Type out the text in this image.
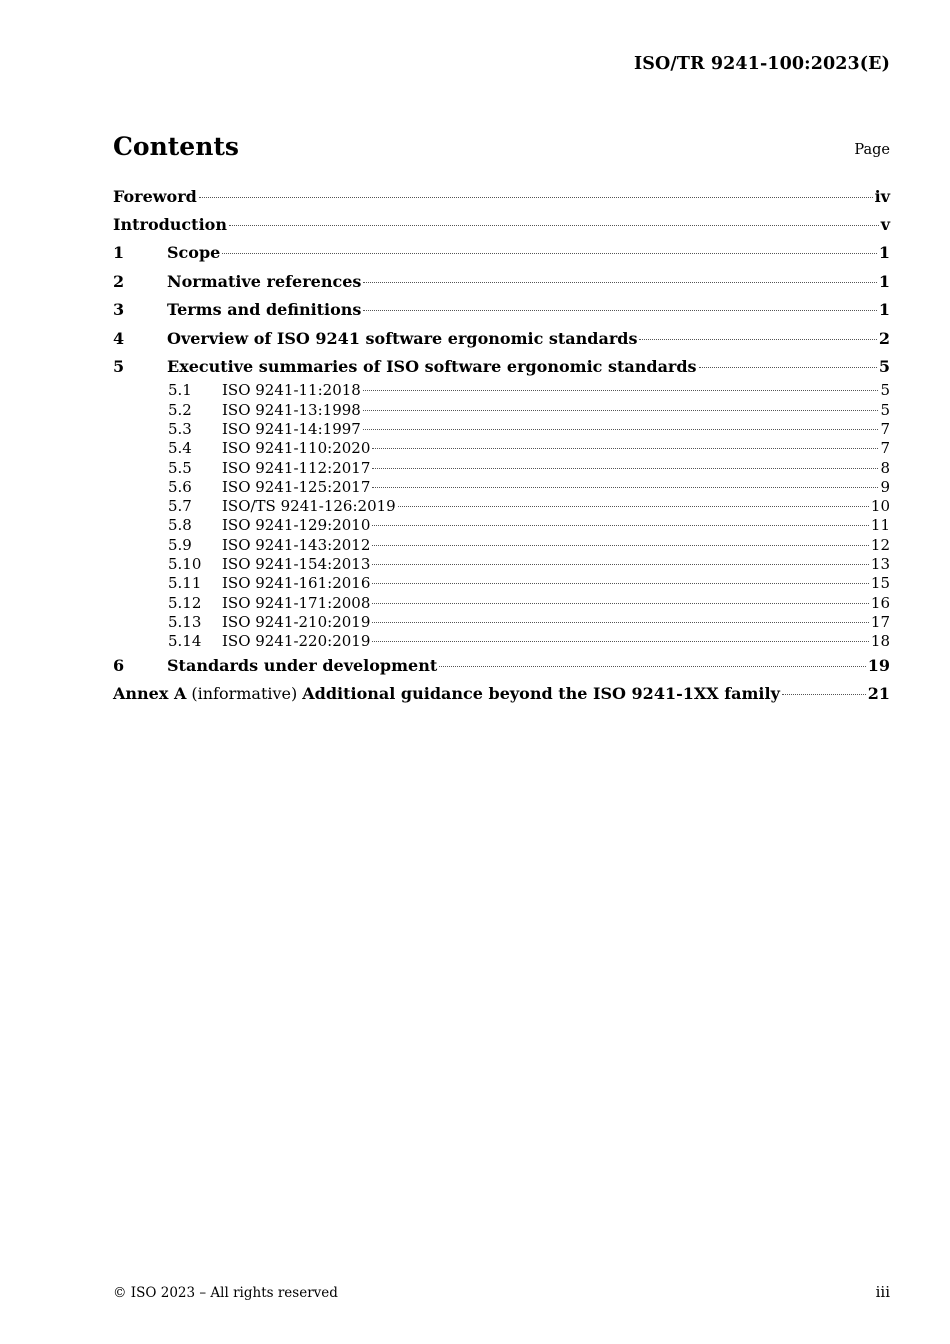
ISO/TR 9241-100:2023(E)
Contents	Page
Foreword	iv
Introduction	v
1	Scope	1
2	Normative references	1
3	Terms and definitions	1
4	Overview of ISO 9241 software ergonomic standards	2
5	Executive summaries of ISO software ergonomic standards	5
5.1	ISO 9241-11:2018	5
5.2	ISO 9241-13:1998	5
5.3	ISO 9241-14:1997	7
5.4	ISO 9241-110:2020	7
5.5	ISO 9241-112:2017	8
5.6	ISO 9241-125:2017	9
5.7	ISO/TS 9241-126:2019	10
5.8	ISO 9241-129:2010	11
5.9	ISO 9241-143:2012	12
5.10	ISO 9241-154:2013	13
5.11	ISO 9241-161:2016	15
5.12	ISO 9241-171:2008	16
5.13	ISO 9241-210:2019	17
5.14	ISO 9241-220:2019	18
6	Standards under development	19
Annex A (informative) Additional guidance beyond the ISO 9241-1XX family	21
© ISO 2023 – All rights reserved	iii
